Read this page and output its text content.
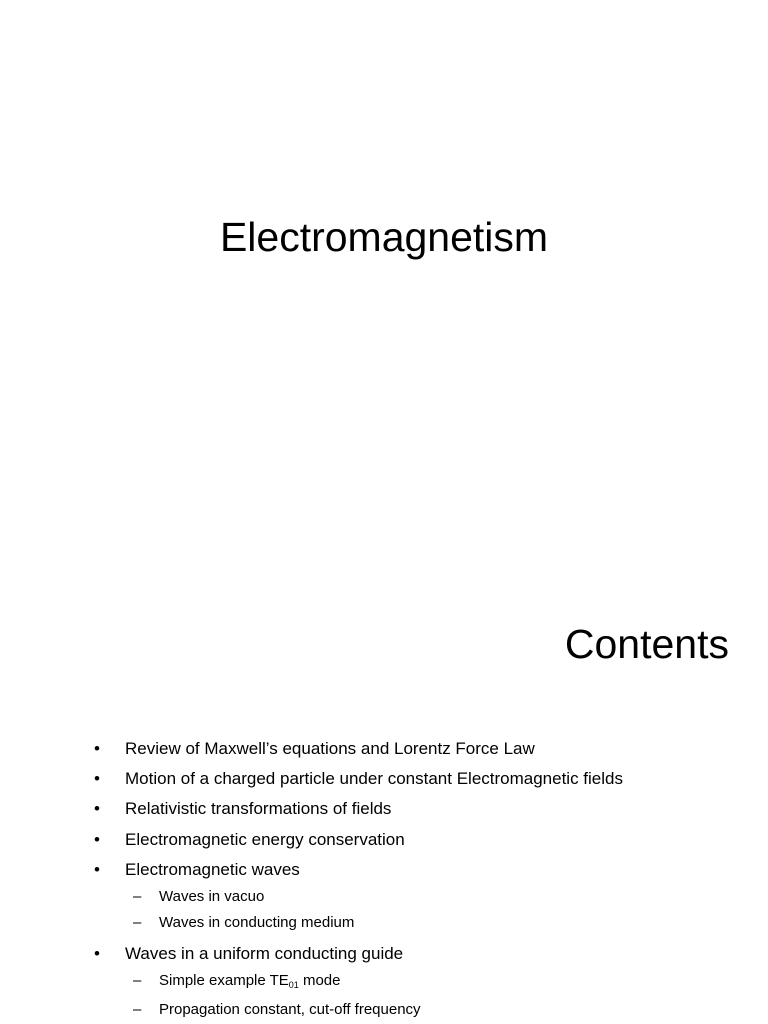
Electromagnetism
Contents
• Review of Maxwell’s equations and Lorentz Force Law
• Motion of a charged particle under constant Electromagnetic fields
• Relativistic transformations of fields
• Electromagnetic energy conservation
• Electromagnetic waves
– Waves in vacuo
– Waves in conducting medium
• Waves in a uniform conducting guide
– Simple example $TE_{01}$ mode
– Propagation constant, cut-off frequency
